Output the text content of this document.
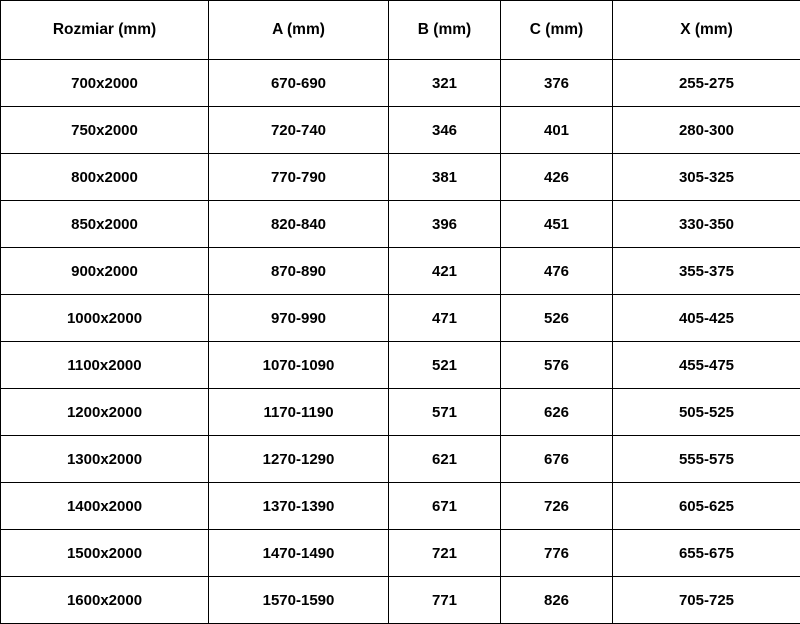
Rozmiar (mm)	A (mm)	B (mm)	C (mm)	X (mm)
700x2000	670-690	321	376	255-275
750x2000	720-740	346	401	280-300
800x2000	770-790	381	426	305-325
850x2000	820-840	396	451	330-350
900x2000	870-890	421	476	355-375
1000x2000	970-990	471	526	405-425
1100x2000	1070-1090	521	576	455-475
1200x2000	1170-1190	571	626	505-525
1300x2000	1270-1290	621	676	555-575
1400x2000	1370-1390	671	726	605-625
1500x2000	1470-1490	721	776	655-675
1600x2000	1570-1590	771	826	705-725
